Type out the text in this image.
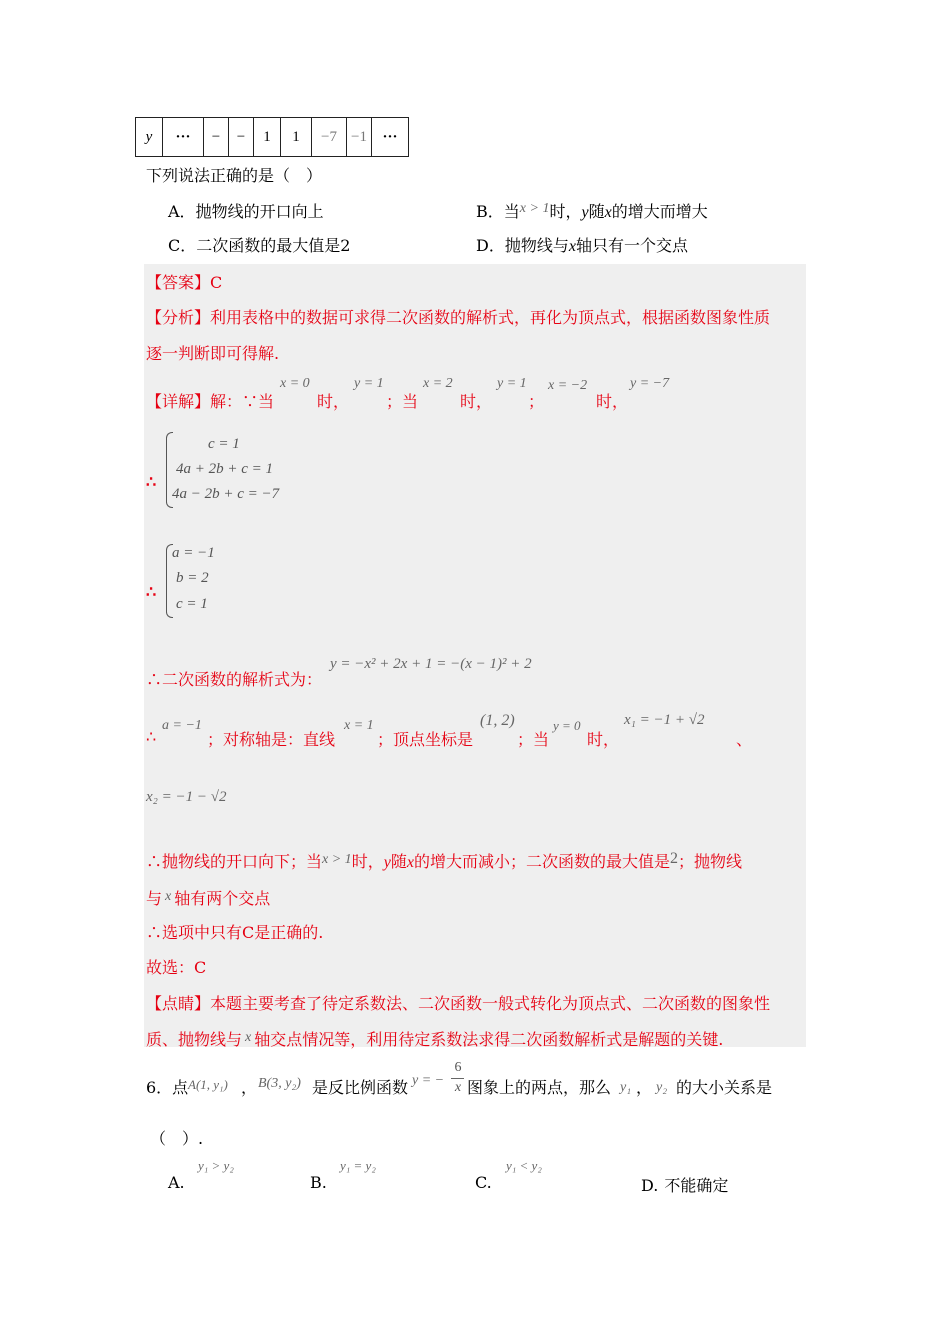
y	···	−	−	1	1	−7	−1	···
下列说法正确的是（　）
A．抛物线的开口向上	B．当x > 1时，y随x的增大而增大
C．二次函数的最大值是2	D．抛物线与x轴只有一个交点
【答案】C
【分析】利用表格中的数据可求得二次函数的解析式，再化为顶点式，根据函数图象性质
逐一判断即可得解.
【详解】解：∵当
x = 0
时，
y = 1
；当
x = 2
时，
y = 1
；
x = −2
时，
y = −7
∴
c = 1
4a + 2b + c = 1
4a − 2b + c = −7
∴
a = −1
b = 2
c = 1
∴二次函数的解析式为：
y = −x² + 2x + 1 = −(x − 1)² + 2
∴
a = −1
；对称轴是：直线
x = 1
；顶点坐标是
(1, 2)
；当
y = 0
时，
x₁ = −1 + √2
、
x₂ = −1 − √2
∴抛物线的开口向下；当x > 1时，y随x的增大而减小；二次函数的最大值是2；抛物线
与 x 轴有两个交点
∴选项中只有C是正确的.
故选：C
【点睛】本题主要考查了待定系数法、二次函数一般式转化为顶点式、二次函数的图象性
质、抛物线与 x 轴交点情况等，利用待定系数法求得二次函数解析式是解题的关键.
6．点 A(1, y₁) ， B(3, y₂) 是反比例函数 y = −
6
x 图象上的两点，那么 y₁ ， y₂ 的大小关系是
（　）.
A.
y₁ > y₂
B.
y₁ = y₂
C.
y₁ < y₂
D. 不能确定
